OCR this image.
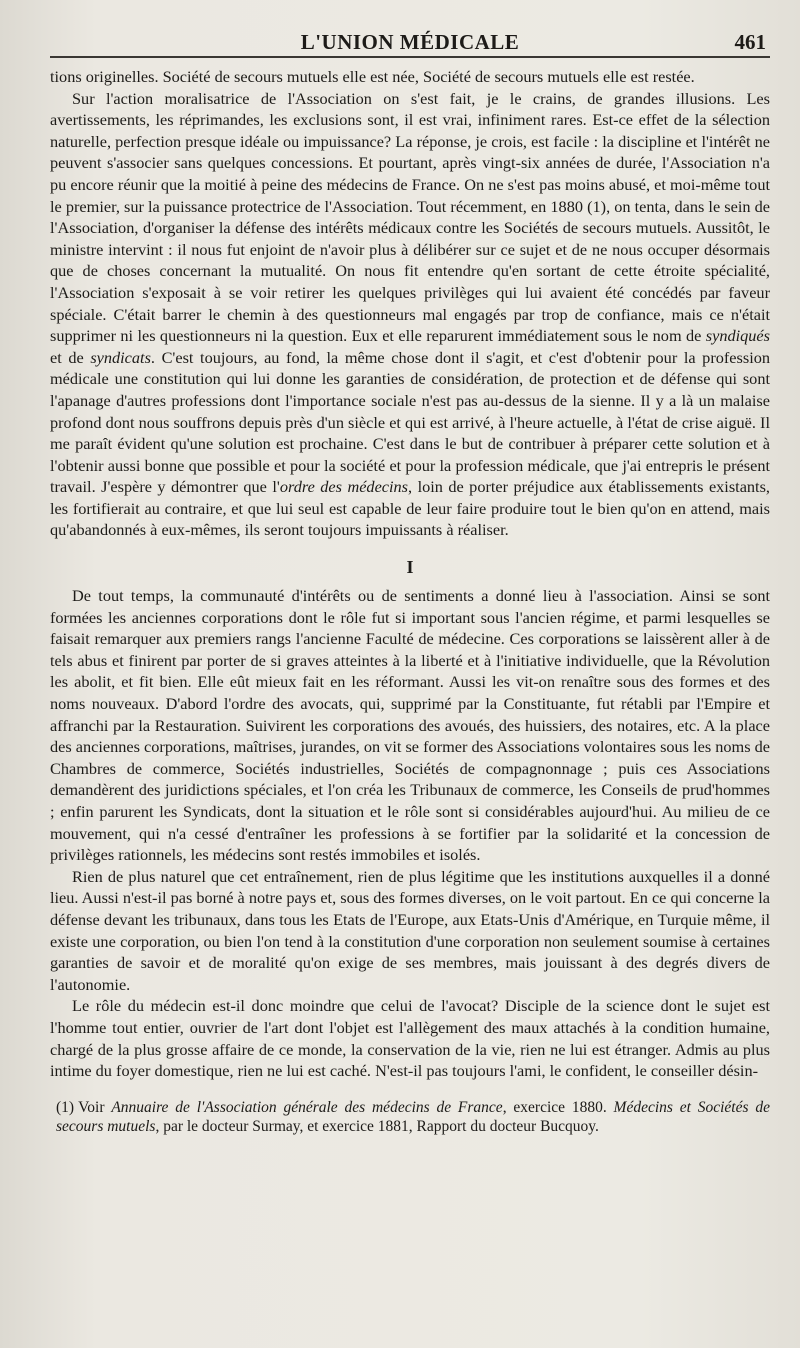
L'UNION MÉDICALE	461

tions originelles. Société de secours mutuels elle est née, Société de secours mutuels elle est restée.

Sur l'action moralisatrice de l'Association on s'est fait, je le crains, de grandes illusions. Les avertissements, les réprimandes, les exclusions sont, il est vrai, infiniment rares. Est-ce effet de la sélection naturelle, perfection presque idéale ou impuissance? La réponse, je crois, est facile : la discipline et l'intérêt ne peuvent s'associer sans quelques concessions. Et pourtant, après vingt-six années de durée, l'Association n'a pu encore réunir que la moitié à peine des médecins de France. On ne s'est pas moins abusé, et moi-même tout le premier, sur la puissance protectrice de l'Association. Tout récemment, en 1880 (1), on tenta, dans le sein de l'Association, d'organiser la défense des intérêts médicaux contre les Sociétés de secours mutuels. Aussitôt, le ministre intervint : il nous fut enjoint de n'avoir plus à délibérer sur ce sujet et de ne nous occuper désormais que de choses concernant la mutualité. On nous fit entendre qu'en sortant de cette étroite spécialité, l'Association s'exposait à se voir retirer les quelques privilèges qui lui avaient été concédés par faveur spéciale. C'était barrer le chemin à des questionneurs mal engagés par trop de confiance, mais ce n'était supprimer ni les questionneurs ni la question. Eux et elle reparurent immédiatement sous le nom de syndiqués et de syndicats. C'est toujours, au fond, la même chose dont il s'agit, et c'est d'obtenir pour la profession médicale une constitution qui lui donne les garanties de considération, de protection et de défense qui sont l'apanage d'autres professions dont l'importance sociale n'est pas au-dessus de la sienne. Il y a là un malaise profond dont nous souffrons depuis près d'un siècle et qui est arrivé, à l'heure actuelle, à l'état de crise aiguë. Il me paraît évident qu'une solution est prochaine. C'est dans le but de contribuer à préparer cette solution et à l'obtenir aussi bonne que possible et pour la société et pour la profession médicale, que j'ai entrepris le présent travail. J'espère y démontrer que l'ordre des médecins, loin de porter préjudice aux établissements existants, les fortifierait au contraire, et que lui seul est capable de leur faire produire tout le bien qu'on en attend, mais qu'abandonnés à eux-mêmes, ils seront toujours impuissants à réaliser.

I

De tout temps, la communauté d'intérêts ou de sentiments a donné lieu à l'association. Ainsi se sont formées les anciennes corporations dont le rôle fut si important sous l'ancien régime, et parmi lesquelles se faisait remarquer aux premiers rangs l'ancienne Faculté de médecine. Ces corporations se laissèrent aller à de tels abus et finirent par porter de si graves atteintes à la liberté et à l'initiative individuelle, que la Révolution les abolit, et fit bien. Elle eût mieux fait en les réformant. Aussi les vit-on renaître sous des formes et des noms nouveaux. D'abord l'ordre des avocats, qui, supprimé par la Constituante, fut rétabli par l'Empire et affranchi par la Restauration. Suivirent les corporations des avoués, des huissiers, des notaires, etc. A la place des anciennes corporations, maîtrises, jurandes, on vit se former des Associations volontaires sous les noms de Chambres de commerce, Sociétés industrielles, Sociétés de compagnonnage ; puis ces Associations demandèrent des juridictions spéciales, et l'on créa les Tribunaux de commerce, les Conseils de prud'hommes ; enfin parurent les Syndicats, dont la situation et le rôle sont si considérables aujourd'hui. Au milieu de ce mouvement, qui n'a cessé d'entraîner les professions à se fortifier par la solidarité et la concession de privilèges rationnels, les médecins sont restés immobiles et isolés.

Rien de plus naturel que cet entraînement, rien de plus légitime que les institutions auxquelles il a donné lieu. Aussi n'est-il pas borné à notre pays et, sous des formes diverses, on le voit partout. En ce qui concerne la défense devant les tribunaux, dans tous les Etats de l'Europe, aux Etats-Unis d'Amérique, en Turquie même, il existe une corporation, ou bien l'on tend à la constitution d'une corporation non seulement soumise à certaines garanties de savoir et de moralité qu'on exige de ses membres, mais jouissant à des degrés divers de l'autonomie.

Le rôle du médecin est-il donc moindre que celui de l'avocat? Disciple de la science dont le sujet est l'homme tout entier, ouvrier de l'art dont l'objet est l'allègement des maux attachés à la condition humaine, chargé de la plus grosse affaire de ce monde, la conservation de la vie, rien ne lui est étranger. Admis au plus intime du foyer domestique, rien ne lui est caché. N'est-il pas toujours l'ami, le confident, le conseiller désin-

(1) Voir Annuaire de l'Association générale des médecins de France, exercice 1880. Médecins et Sociétés de secours mutuels, par le docteur Surmay, et exercice 1881, Rapport du docteur Bucquoy.
